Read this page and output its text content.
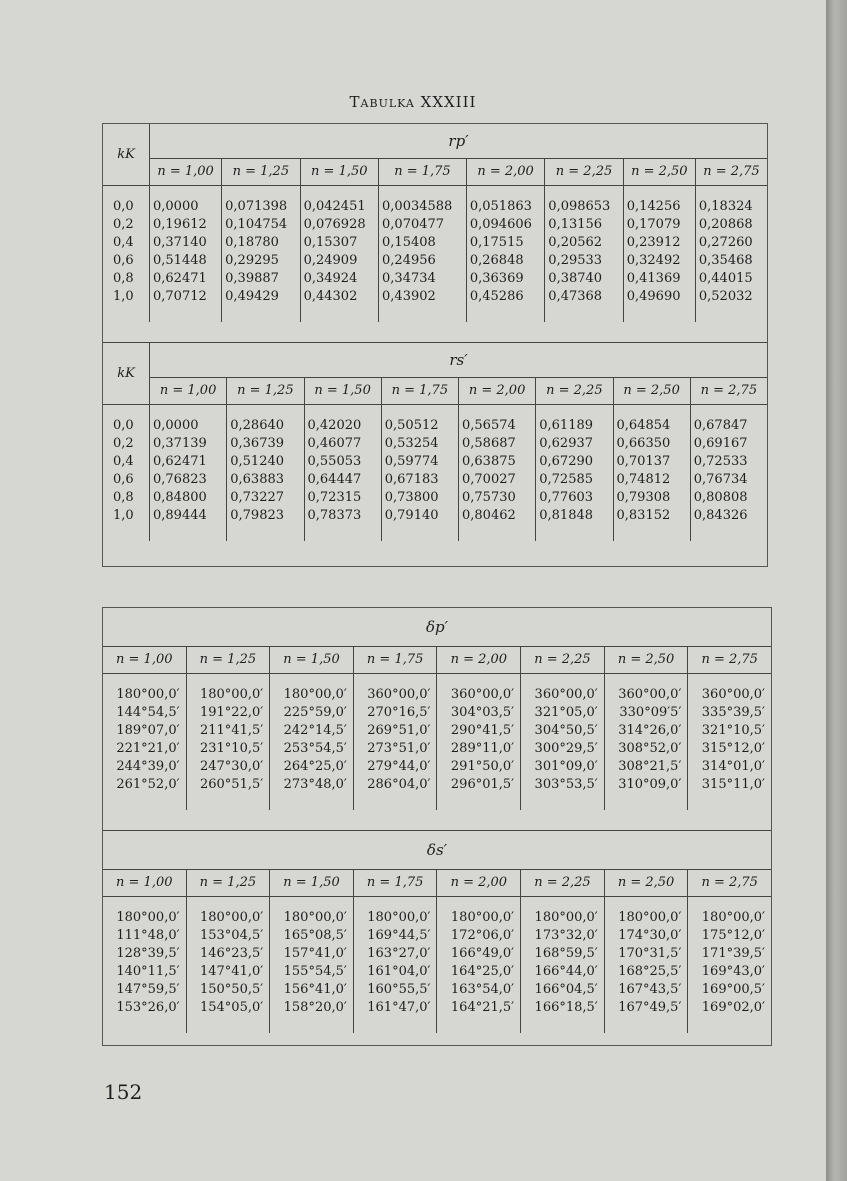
Tabulka XXXIII
kK	rp′							
	n = 1,00	n = 1,25	n = 1,50	n = 1,75	n = 2,00	n = 2,25	n = 2,50	n = 2,75

0,0	0,0000	0,071398	0,042451	0,0034588	0,051863	0,098653	0,14256	0,18324
0,2	0,19612	0,104754	0,076928	0,070477	0,094606	0,13156	0,17079	0,20868
0,4	0,37140	0,18780	0,15307	0,15408	0,17515	0,20562	0,23912	0,27260
0,6	0,51448	0,29295	0,24909	0,24956	0,26848	0,29533	0,32492	0,35468
0,8	0,62471	0,39887	0,34924	0,34734	0,36369	0,38740	0,41369	0,44015
1,0	0,70712	0,49429	0,44302	0,43902	0,45286	0,47368	0,49690	0,52032

kK	rs′							
	n = 1,00	n = 1,25	n = 1,50	n = 1,75	n = 2,00	n = 2,25	n = 2,50	n = 2,75

0,0	0,0000	0,28640	0,42020	0,50512	0,56574	0,61189	0,64854	0,67847
0,2	0,37139	0,36739	0,46077	0,53254	0,58687	0,62937	0,66350	0,69167
0,4	0,62471	0,51240	0,55053	0,59774	0,63875	0,67290	0,70137	0,72533
0,6	0,76823	0,63883	0,64447	0,67183	0,70027	0,72585	0,74812	0,76734
0,8	0,84800	0,73227	0,72315	0,73800	0,75730	0,77603	0,79308	0,80808
1,0	0,89444	0,79823	0,78373	0,79140	0,80462	0,81848	0,83152	0,84326

δp′							
n = 1,00	n = 1,25	n = 1,50	n = 1,75	n = 2,00	n = 2,25	n = 2,50	n = 2,75

180°00,0′	180°00,0′	180°00,0′	360°00,0′	360°00,0′	360°00,0′	360°00,0′	360°00,0′
144°54,5′	191°22,0′	225°59,0′	270°16,5′	304°03,5′	321°05,0′	330°09′5′	335°39,5′
189°07,0′	211°41,5′	242°14,5′	269°51,0′	290°41,5′	304°50,5′	314°26,0′	321°10,5′
221°21,0′	231°10,5′	253°54,5′	273°51,0′	289°11,0′	300°29,5′	308°52,0′	315°12,0′
244°39,0′	247°30,0′	264°25,0′	279°44,0′	291°50,0′	301°09,0′	308°21,5′	314°01,0′
261°52,0′	260°51,5′	273°48,0′	286°04,0′	296°01,5′	303°53,5′	310°09,0′	315°11,0′

δs′							
n = 1,00	n = 1,25	n = 1,50	n = 1,75	n = 2,00	n = 2,25	n = 2,50	n = 2,75

180°00,0′	180°00,0′	180°00,0′	180°00,0′	180°00,0′	180°00,0′	180°00,0′	180°00,0′
111°48,0′	153°04,5′	165°08,5′	169°44,5′	172°06,0′	173°32,0′	174°30,0′	175°12,0′
128°39,5′	146°23,5′	157°41,0′	163°27,0′	166°49,0′	168°59,5′	170°31,5′	171°39,5′
140°11,5′	147°41,0′	155°54,5′	161°04,0′	164°25,0′	166°44,0′	168°25,5′	169°43,0′
147°59,5′	150°50,5′	156°41,0′	160°55,5′	163°54,0′	166°04,5′	167°43,5′	169°00,5′
153°26,0′	154°05,0′	158°20,0′	161°47,0′	164°21,5′	166°18,5′	167°49,5′	169°02,0′

152
